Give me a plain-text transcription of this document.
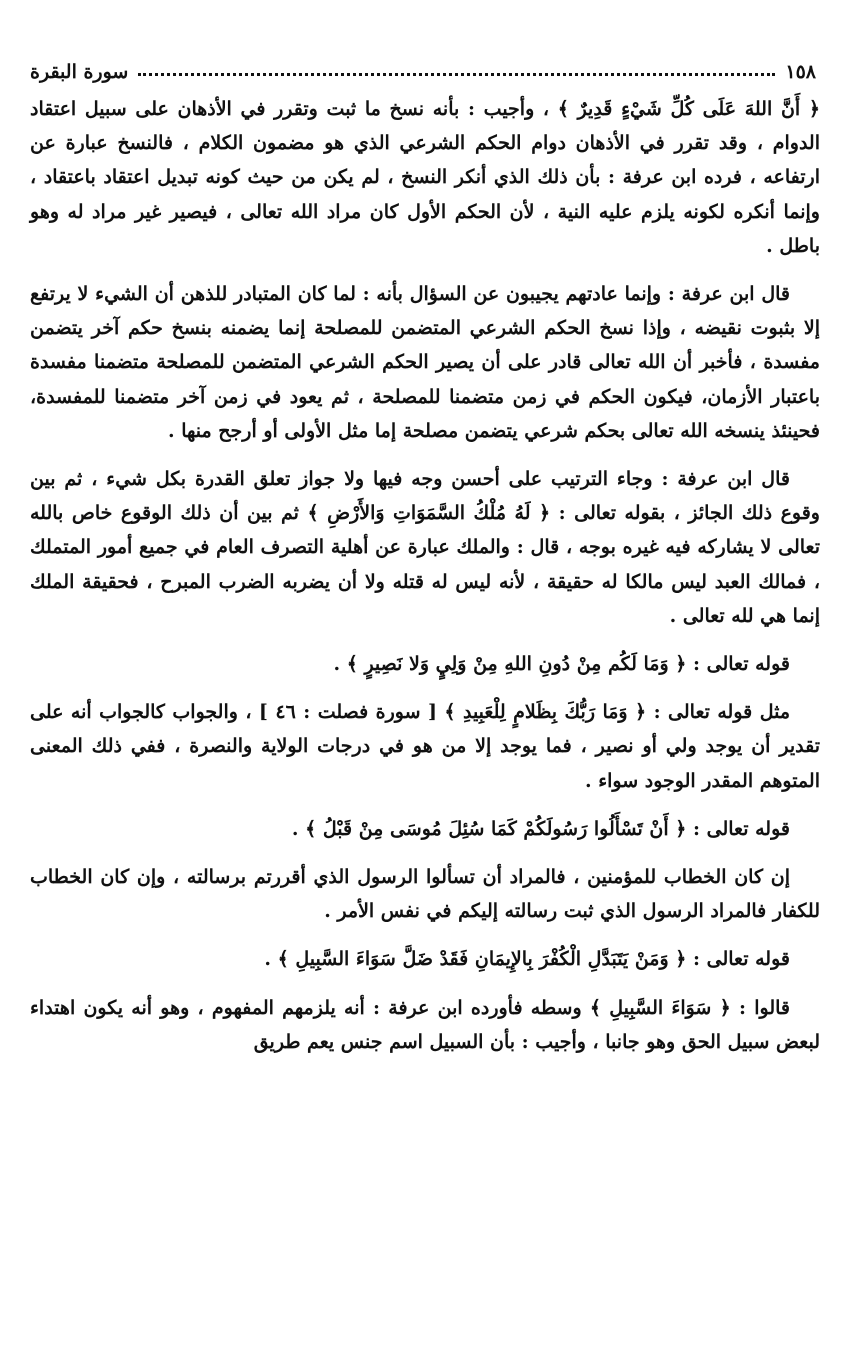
١٥٨
سورة البقرة

﴿ أَنَّ اللهَ عَلَى كُلِّ شَيْءٍ قَدِيرٌ ﴾ ، وأجيب : بأنه نسخ ما ثبت وتقرر في الأذهان على سبيل اعتقاد الدوام ، وقد تقرر في الأذهان دوام الحكم الشرعي الذي هو مضمون الكلام ، فالنسخ عبارة عن ارتفاعه ، فرده ابن عرفة : بأن ذلك الذي أنكر النسخ ، لم يكن من حيث كونه تبديل اعتقاد باعتقاد ، وإنما أنكره لكونه يلزم عليه النية ، لأن الحكم الأول كان مراد الله تعالى ، فيصير غير مراد له وهو باطل .

قال ابن عرفة : وإنما عادتهم يجيبون عن السؤال بأنه : لما كان المتبادر للذهن أن الشيء لا يرتفع إلا بثبوت نقيضه ، وإذا نسخ الحكم الشرعي المتضمن للمصلحة إنما يضمنه بنسخ حكم آخر يتضمن مفسدة ، فأخبر أن الله تعالى قادر على أن يصير الحكم الشرعي المتضمن للمصلحة متضمنا مفسدة باعتبار الأزمان، فيكون الحكم في زمن متضمنا للمصلحة ، ثم يعود في زمن آخر متضمنا للمفسدة، فحينئذ ينسخه الله تعالى بحكم شرعي يتضمن مصلحة إما مثل الأولى أو أرجح منها .

قال ابن عرفة : وجاء الترتيب على أحسن وجه فيها ولا جواز تعلق القدرة بكل شيء ، ثم بين وقوع ذلك الجائز ، بقوله تعالى : ﴿ لَهُ مُلْكُ السَّمَوَاتِ وَالأَرْضِ ﴾ ثم بين أن ذلك الوقوع خاص بالله تعالى لا يشاركه فيه غيره بوجه ، قال : والملك عبارة عن أهلية التصرف العام في جميع أمور المتملك ، فمالك العبد ليس مالكا له حقيقة ، لأنه ليس له قتله ولا أن يضربه الضرب المبرح ، فحقيقة الملك إنما هي لله تعالى .

قوله تعالى : ﴿ وَمَا لَكُم مِنْ دُونِ اللهِ مِنْ وَلِيٍ وَلا نَصِيرٍ ﴾ .

مثل قوله تعالى : ﴿ وَمَا رَبُّكَ بِظَلامٍ لِلْعَبِيدِ ﴾ [ سورة فصلت : ٤٦ ] ، والجواب كالجواب أنه على تقدير أن يوجد ولي أو نصير ، فما يوجد إلا من هو في درجات الولاية والنصرة ، ففي ذلك المعنى المتوهم المقدر الوجود سواء .

قوله تعالى : ﴿ أَنْ تَسْأَلُوا رَسُولَكُمْ كَمَا سُئِلَ مُوسَى مِنْ قَبْلُ ﴾ .

إن كان الخطاب للمؤمنين ، فالمراد أن تسألوا الرسول الذي أقررتم برسالته ، وإن كان الخطاب للكفار فالمراد الرسول الذي ثبت رسالته إليكم في نفس الأمر .

قوله تعالى : ﴿ وَمَنْ يَتَبَدَّلِ الْكُفْرَ بِالإِيمَانِ فَقَدْ ضَلَّ سَوَاءَ السَّبِيلِ ﴾ .

قالوا : ﴿ سَوَاءَ السَّبِيلِ ﴾ وسطه فأورده ابن عرفة : أنه يلزمهم المفهوم ، وهو أنه يكون اهتداء لبعض سبيل الحق وهو جانبا ، وأجيب : بأن السبيل اسم جنس يعم طريق
